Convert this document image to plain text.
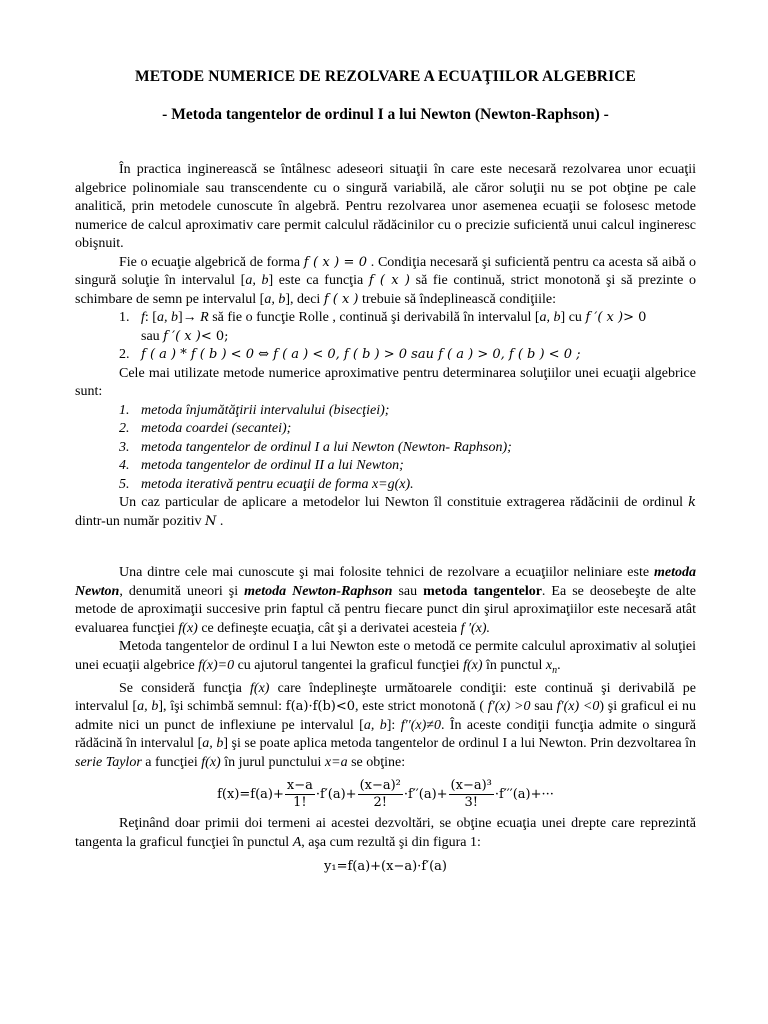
METODE NUMERICE DE REZOLVARE A ECUAŢIILOR ALGEBRICE
- Metoda tangentelor de ordinul I a lui Newton (Newton-Raphson) -

În practica inginerească se întâlnesc adeseori situaţii în care este necesară rezolvarea unor ecuaţii algebrice polinomiale sau transcendente cu o singură variabilă, ale căror soluţii nu se pot obţine pe cale analitică, prin metodele cunoscute în algebră. Pentru rezolvarea unor asemenea ecuaţii se folosesc metode numerice de calcul aproximativ care permit calculul rădăcinilor cu o precizie suficientă unui calcul ingineresc obişnuit.

Fie o ecuaţie algebrică de forma f ( x ) = 0 . Condiţia necesară şi suficientă pentru ca acesta să aibă o singură soluţie în intervalul [a, b] este ca funcţia f ( x ) să fie continuă, strict monotonă şi să prezinte o schimbare de semn pe intervalul [a, b], deci f ( x ) trebuie să îndeplinească condiţiile:

1. f: [a, b]→ R să fie o funcţie Rolle , continuă şi derivabilă în intervalul [a, b] cu f ′( x )> 0
sau f ′( x )< 0;
2. f ( a ) * f ( b ) < 0 ⇔ f ( a ) < 0, f ( b ) > 0 sau f ( a ) > 0, f ( b ) < 0 ;

Cele mai utilizate metode numerice aproximative pentru determinarea soluţiilor unei ecuaţii algebrice sunt:

1. metoda înjumătăţirii intervalului (bisecţiei);
2. metoda coardei (secantei);
3. metoda tangentelor de ordinul I a lui Newton (Newton- Raphson);
4. metoda tangentelor de ordinul II a lui Newton;
5. metoda iterativă pentru ecuaţii de forma x=g(x).

Un caz particular de aplicare a metodelor lui Newton îl constituie extragerea rădăcinii de ordinul k dintr-un număr pozitiv N .

Una dintre cele mai cunoscute şi mai folosite tehnici de rezolvare a ecuaţiilor neliniare este metoda Newton, denumită uneori şi metoda Newton-Raphson sau metoda tangentelor. Ea se deosebeşte de alte metode de aproximaţii succesive prin faptul că pentru fiecare punct din şirul aproximaţiilor este necesară atât evaluarea funcţiei f(x) ce defineşte ecuaţia, cât şi a derivatei acesteia f ′(x).

Metoda tangentelor de ordinul I a lui Newton este o metodă ce permite calculul aproximativ al soluţiei unei ecuaţii algebrice f(x)=0 cu ajutorul tangentei la graficul funcţiei f(x) în punctul $x_n$.

Se consideră funcţia f(x) care îndeplineşte următoarele condiţii: este continuă şi derivabilă pe intervalul [a, b], îşi schimbă semnul: f(a)·f(b)<0, este strict monotonă ( f′(x) >0 sau f′(x) <0) şi graficul ei nu admite nici un punct de inflexiune pe intervalul [a, b]: f′′(x)≠0. În aceste condiţii funcţia admite o singură rădăcină în intervalul [a, b] şi se poate aplica metoda tangentelor de ordinul I a lui Newton. Prin dezvoltarea în serie Taylor a funcţiei f(x) în jurul punctului x=a se obţine:

$f(x)=f(a)+ \frac{x-a}{1!} \cdot f'(a)+ \frac{\text{(x−a)²}}{2!} \cdot f''(a)+ \frac{\text{(x−a)³}}{3!} \cdot f'''(a)+\cdot\cdot\cdot$

Reţinând doar primii doi termeni ai acestei dezvoltări, se obţine ecuaţia unei drepte care reprezintă tangenta la graficul funcţiei în punctul A, aşa cum rezultă şi din figura 1:

y₁=f(a)+(x−a)·f′(a)
